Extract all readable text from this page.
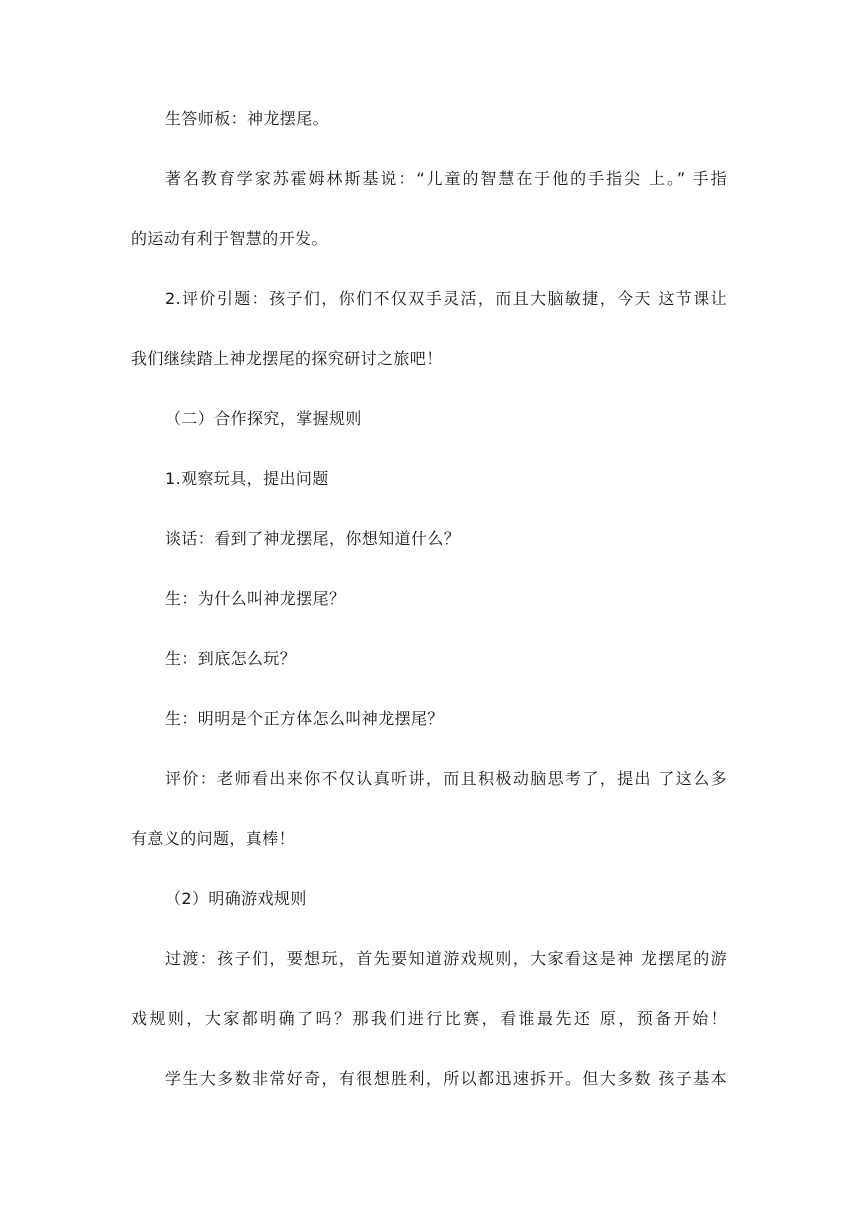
生答师板：神龙摆尾。
著名教育学家苏霍姆林斯基说：“儿童的智慧在于他的手指尖 上。” 手指
的运动有利于智慧的开发。
2.评价引题：孩子们，你们不仅双手灵活，而且大脑敏捷，今天 这节课让
我们继续踏上神龙摆尾的探究研讨之旅吧！
（二）合作探究，掌握规则
1.观察玩具，提出问题
谈话：看到了神龙摆尾，你想知道什么？
生：为什么叫神龙摆尾？
生：到底怎么玩？
生：明明是个正方体怎么叫神龙摆尾？
评价：老师看出来你不仅认真听讲，而且积极动脑思考了，提出 了这么多
有意义的问题，真棒！
（2）明确游戏规则
过渡：孩子们，要想玩，首先要知道游戏规则，大家看这是神 龙摆尾的游
戏规则，大家都明确了吗？那我们进行比赛，看谁最先还 原，预备开始！
学生大多数非常好奇，有很想胜利，所以都迅速拆开。但大多数 孩子基本
